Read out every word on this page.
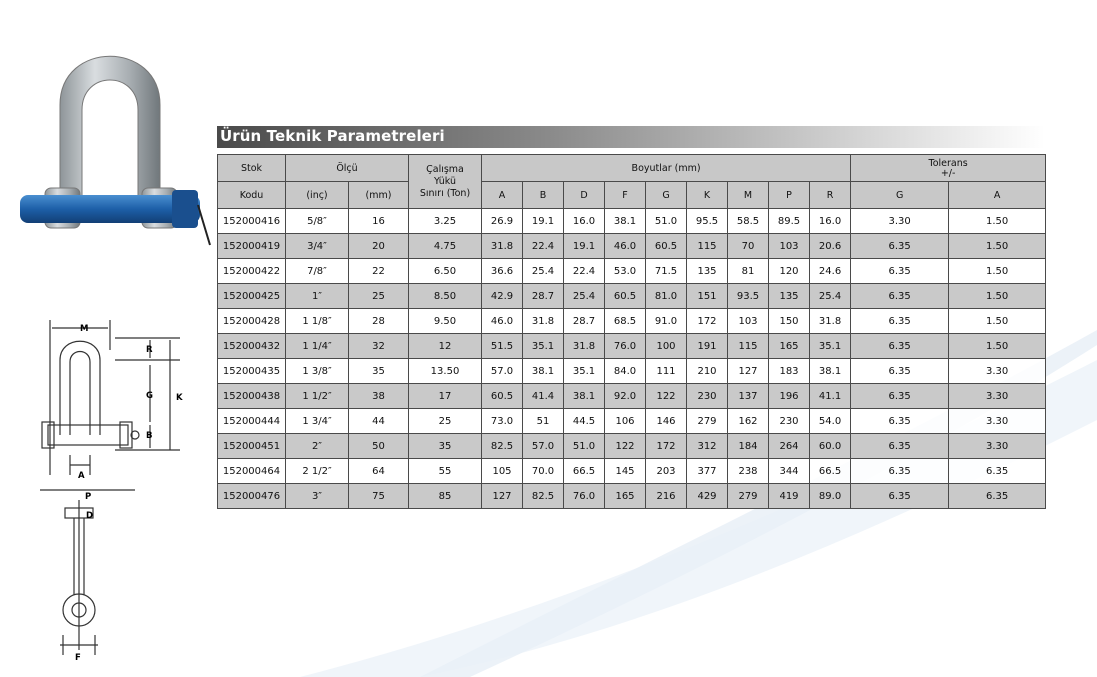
M
R
G	K
B
A
P
D
F
Ürün Teknik Parametreleri
Stok	Ölçü		Çalışma
Yükü
Sınırı (Ton)	Boyutlar (mm)									Tolerans
+/-	

Kodu	(inç)	(mm)		A	B	D	F	G	K	M	P	R	G	A
152000416	5/8″	16	3.25	26.9	19.1	16.0	38.1	51.0	95.5	58.5	89.5	16.0	3.30	1.50
152000419	3/4″	20	4.75	31.8	22.4	19.1	46.0	60.5	115	70	103	20.6	6.35	1.50
152000422	7/8″	22	6.50	36.6	25.4	22.4	53.0	71.5	135	81	120	24.6	6.35	1.50
152000425	1″	25	8.50	42.9	28.7	25.4	60.5	81.0	151	93.5	135	25.4	6.35	1.50
152000428	1 1/8″	28	9.50	46.0	31.8	28.7	68.5	91.0	172	103	150	31.8	6.35	1.50
152000432	1 1/4″	32	12	51.5	35.1	31.8	76.0	100	191	115	165	35.1	6.35	1.50
152000435	1 3/8″	35	13.50	57.0	38.1	35.1	84.0	111	210	127	183	38.1	6.35	3.30
152000438	1 1/2″	38	17	60.5	41.4	38.1	92.0	122	230	137	196	41.1	6.35	3.30
152000444	1 3/4″	44	25	73.0	51	44.5	106	146	279	162	230	54.0	6.35	3.30
152000451	2″	50	35	82.5	57.0	51.0	122	172	312	184	264	60.0	6.35	3.30
152000464	2 1/2″	64	55	105	70.0	66.5	145	203	377	238	344	66.5	6.35	6.35
152000476	3″	75	85	127	82.5	76.0	165	216	429	279	419	89.0	6.35	6.35
